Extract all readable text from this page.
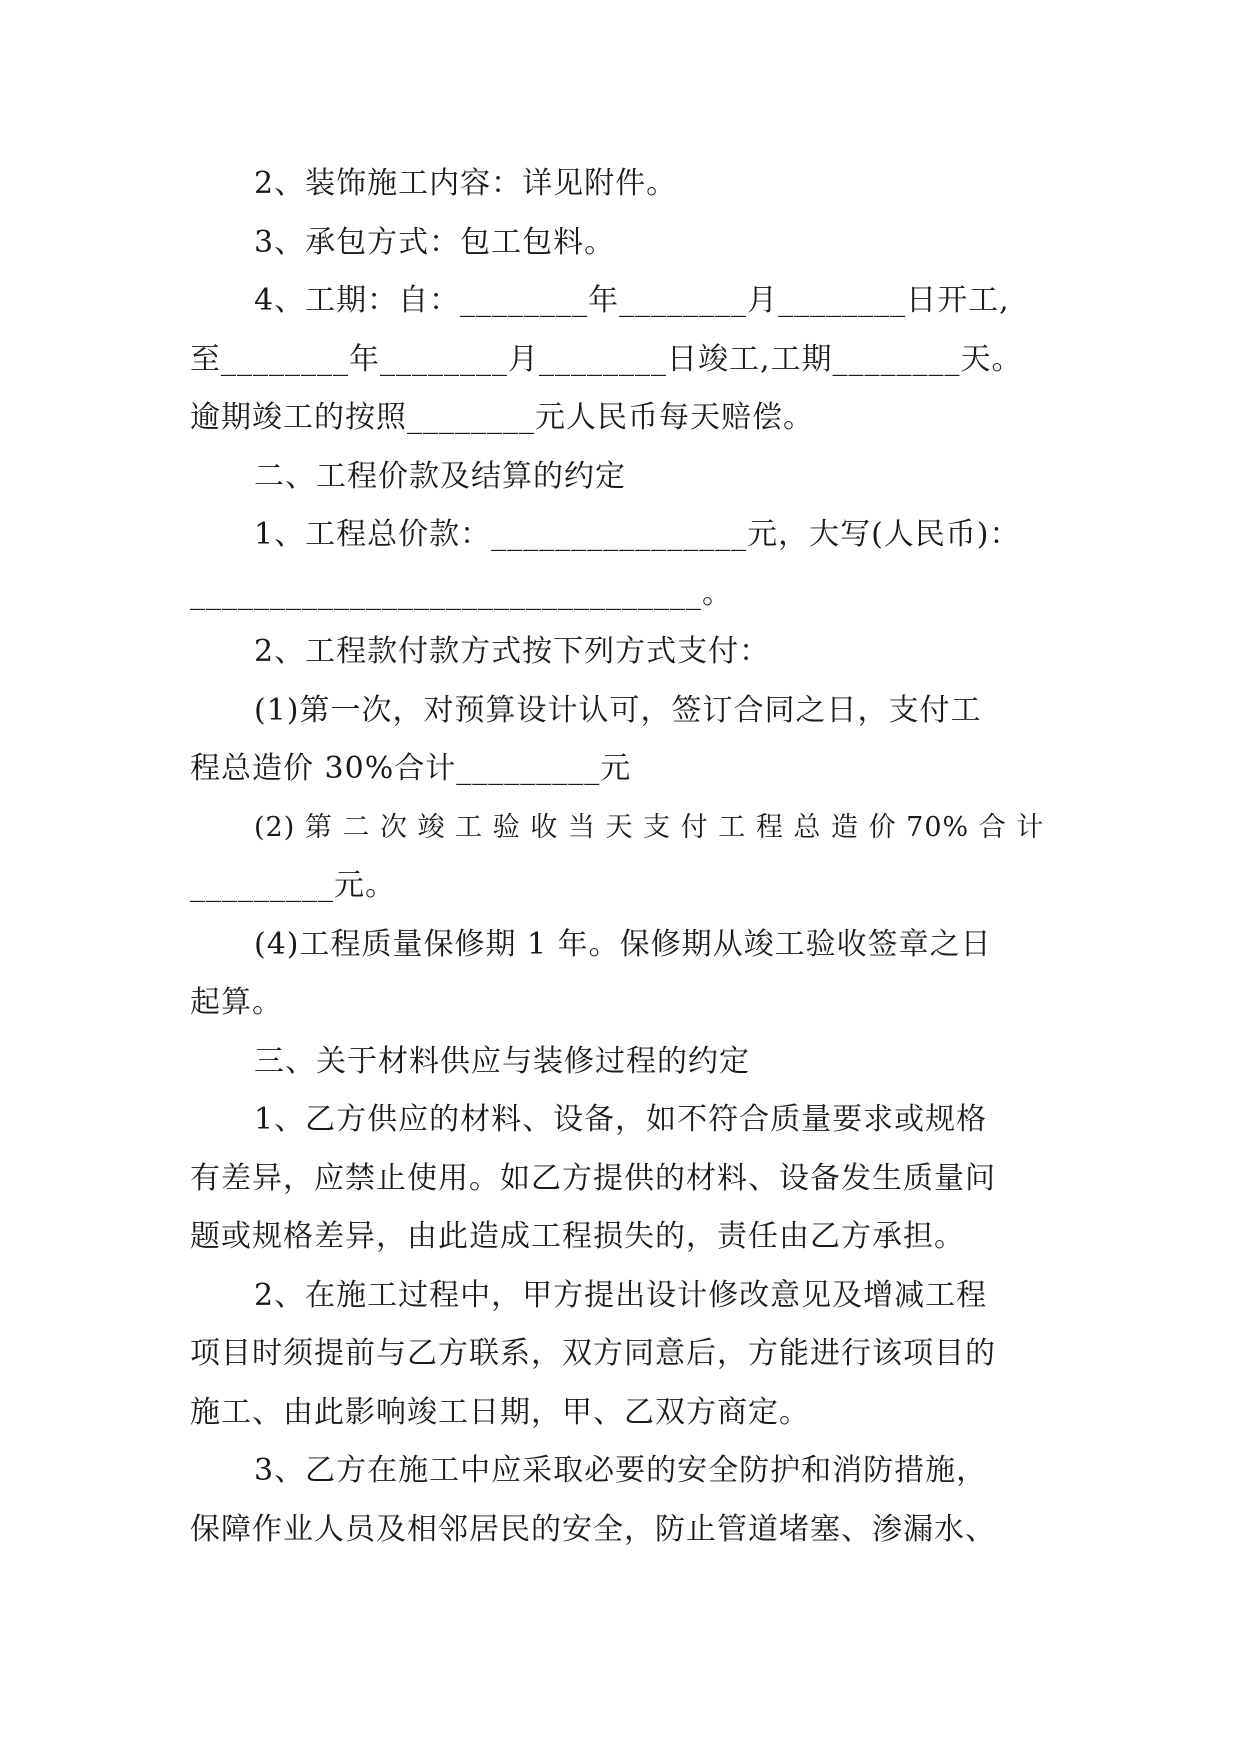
2、装饰施工内容：详见附件。
3、承包方式：包工包料。
4、工期：自：________年________月________日开工,
至________年________月________日竣工,工期________天。
逾期竣工的按照________元人民币每天赔偿。
二、工程价款及结算的约定
1、工程总价款：________________元，大写(人民币)：
________________________________。
2、工程款付款方式按下列方式支付：
(1)第一次，对预算设计认可，签订合同之日，支付工
程总造价 30%合计_________元
(2) 第 二 次 竣 工 验 收 当 天 支 付 工 程 总 造 价 70% 合 计
_________元。
(4)工程质量保修期 1 年。保修期从竣工验收签章之日
起算。
三、关于材料供应与装修过程的约定
1、乙方供应的材料、设备，如不符合质量要求或规格
有差异，应禁止使用。如乙方提供的材料、设备发生质量问
题或规格差异，由此造成工程损失的，责任由乙方承担。
2、在施工过程中，甲方提出设计修改意见及增减工程
项目时须提前与乙方联系，双方同意后，方能进行该项目的
施工、由此影响竣工日期，甲、乙双方商定。
3、乙方在施工中应采取必要的安全防护和消防措施，
保障作业人员及相邻居民的安全，防止管道堵塞、渗漏水、
